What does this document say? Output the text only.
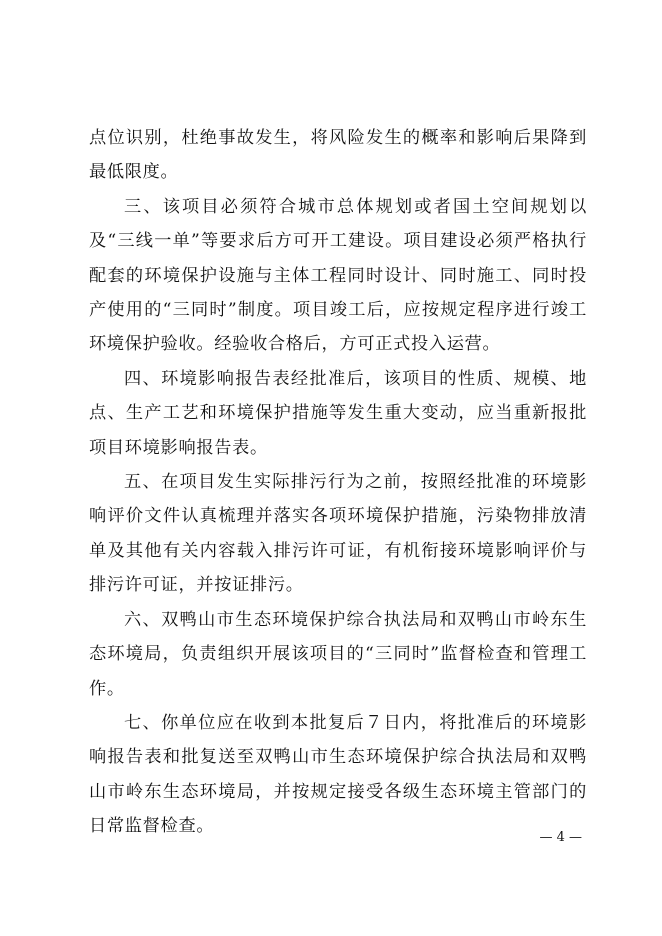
点位识别，杜绝事故发生，将风险发生的概率和影响后果降到最低限度。

三、该项目必须符合城市总体规划或者国土空间规划以及“三线一单”等要求后方可开工建设。项目建设必须严格执行配套的环境保护设施与主体工程同时设计、同时施工、同时投产使用的“三同时”制度。项目竣工后，应按规定程序进行竣工环境保护验收。经验收合格后，方可正式投入运营。

四、环境影响报告表经批准后，该项目的性质、规模、地点、生产工艺和环境保护措施等发生重大变动，应当重新报批项目环境影响报告表。

五、在项目发生实际排污行为之前，按照经批准的环境影响评价文件认真梳理并落实各项环境保护措施，污染物排放清单及其他有关内容载入排污许可证，有机衔接环境影响评价与排污许可证，并按证排污。

六、双鸭山市生态环境保护综合执法局和双鸭山市岭东生态环境局，负责组织开展该项目的“三同时”监督检查和管理工作。

七、你单位应在收到本批复后７日内，将批准后的环境影响报告表和批复送至双鸭山市生态环境保护综合执法局和双鸭山市岭东生态环境局，并按规定接受各级生态环境主管部门的日常监督检查。

— 4 —
